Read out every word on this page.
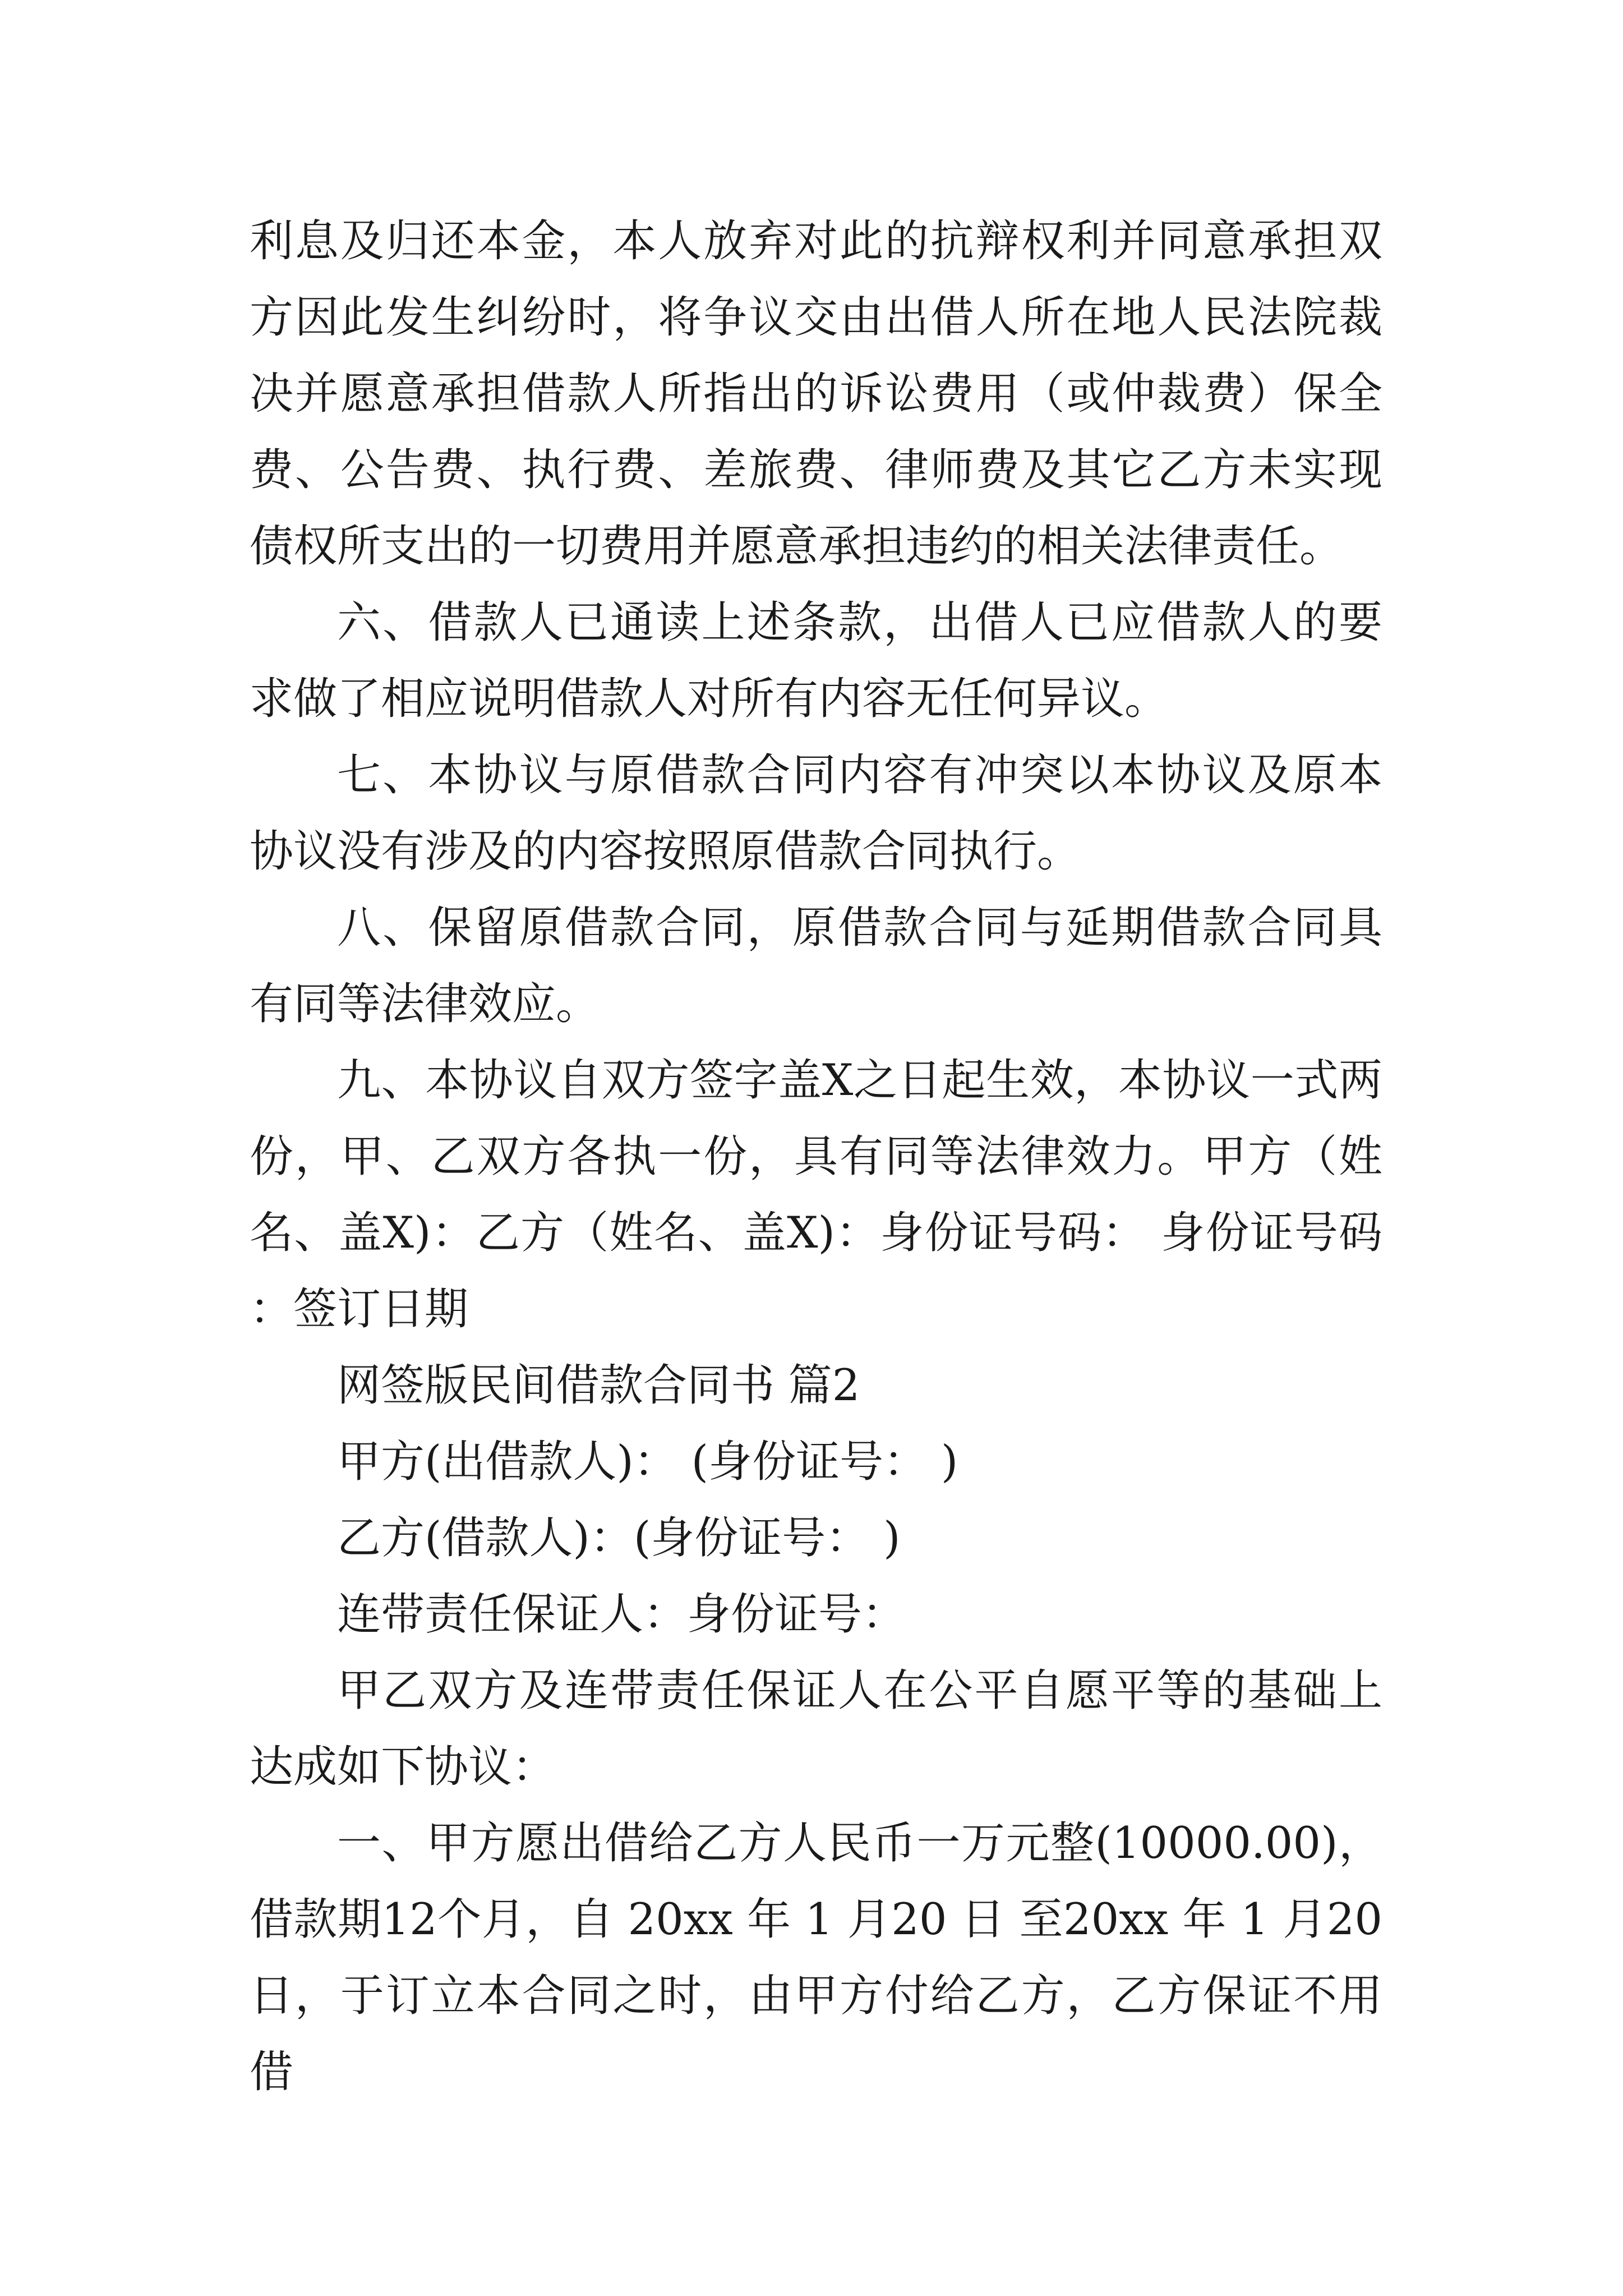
利息及归还本金，本人放弃对此的抗辩权利并同意承担双方因此发生纠纷时，将争议交由出借人所在地人民法院裁决并愿意承担借款人所指出的诉讼费用（或仲裁费）保全费、公告费、执行费、差旅费、律师费及其它乙方未实现债权所支出的一切费用并愿意承担违约的相关法律责任。

六、借款人已通读上述条款，出借人已应借款人的要求做了相应说明借款人对所有内容无任何异议。

七、本协议与原借款合同内容有冲突以本协议及原本协议没有涉及的内容按照原借款合同执行。

八、保留原借款合同，原借款合同与延期借款合同具有同等法律效应。

九、本协议自双方签字盖X之日起生效，本协议一式两份，甲、乙双方各执一份，具有同等法律效力。甲方（姓名、盖X)：乙方（姓名、盖X)：身份证号码： 身份证号码：签订日期

网签版民间借款合同书 篇2

甲方(出借款人)： (身份证号： )

乙方(借款人)：(身份证号： )

连带责任保证人：身份证号：

甲乙双方及连带责任保证人在公平自愿平等的基础上达成如下协议：

一、甲方愿出借给乙方人民币一万元整(10000.00)，借款期12个月，自 20xx 年 1 月20 日 至20xx 年 1 月20 日，于订立本合同之时，由甲方付给乙方，乙方保证不用借
